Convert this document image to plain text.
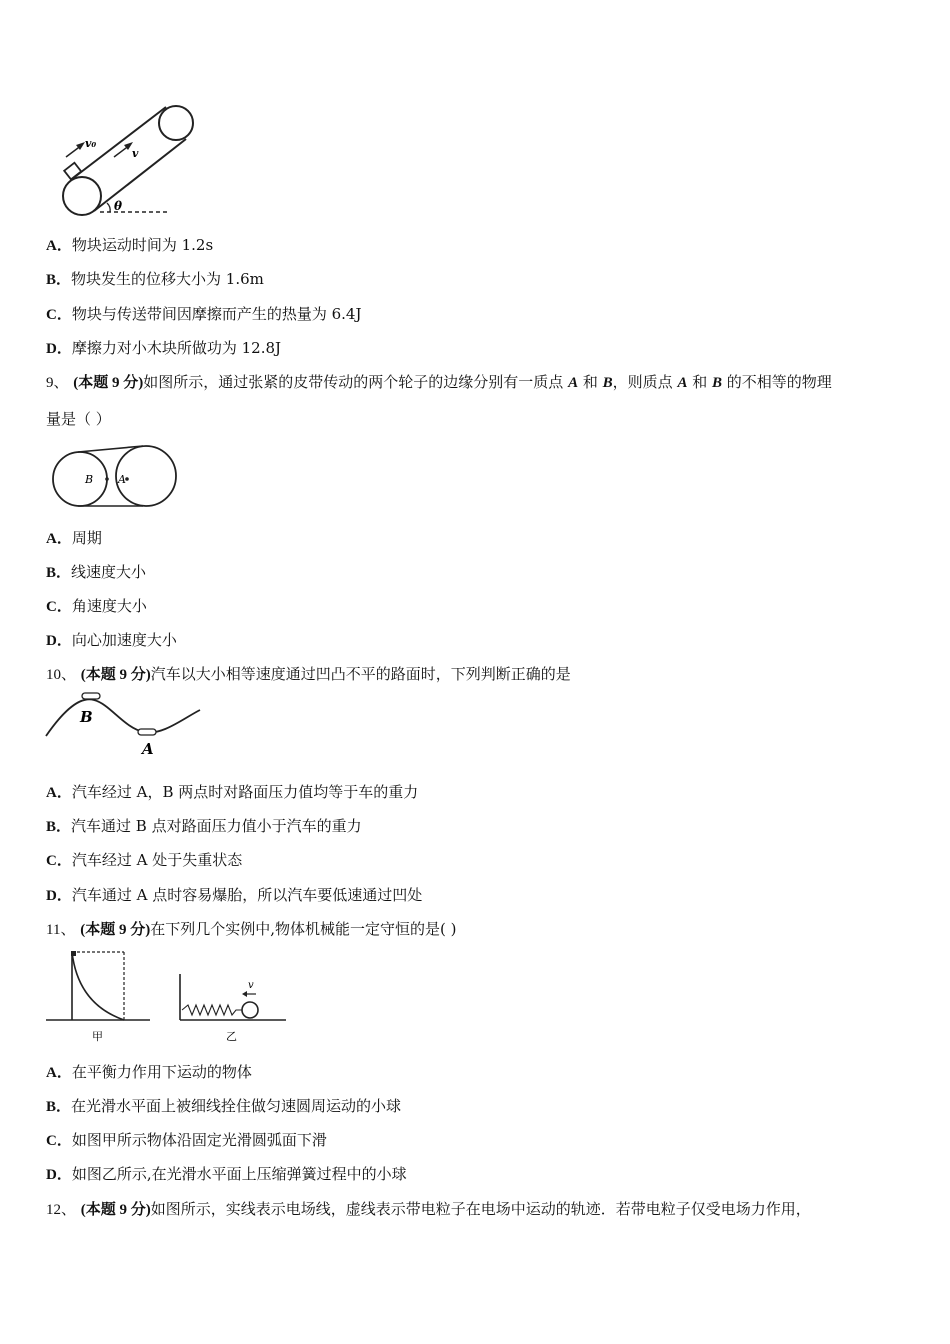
v₀
v
θ
A．物块运动时间为 1.2s
B．物块发生的位移大小为 1.6m
C．物块与传送带间因摩擦而产生的热量为 6.4J
D．摩擦力对小木块所做功为 12.8J
9、 (本题 9 分)如图所示，通过张紧的皮带传动的两个轮子的边缘分别有一质点 A 和 B，则质点 A 和 B 的不相等的物理
量是（ ）
B A
A．周期
B．线速度大小
C．角速度大小
D．向心加速度大小
10、 (本题 9 分)汽车以大小相等速度通过凹凸不平的路面时，下列判断正确的是
B
A
A．汽车经过 A，B 两点时对路面压力值均等于车的重力
B．汽车通过 B 点对路面压力值小于汽车的重力
C．汽车经过 A 处于失重状态
D．汽车通过 A 点时容易爆胎，所以汽车要低速通过凹处
11、 (本题 9 分)在下列几个实例中,物体机械能一定守恒的是( )
甲
v
乙
A．在平衡力作用下运动的物体
B．在光滑水平面上被细线拴住做匀速圆周运动的小球
C．如图甲所示物体沿固定光滑圆弧面下滑
D．如图乙所示,在光滑水平面上压缩弹簧过程中的小球
12、 (本题 9 分)如图所示，实线表示电场线，虚线表示带电粒子在电场中运动的轨迹．若带电粒子仅受电场力作用，
